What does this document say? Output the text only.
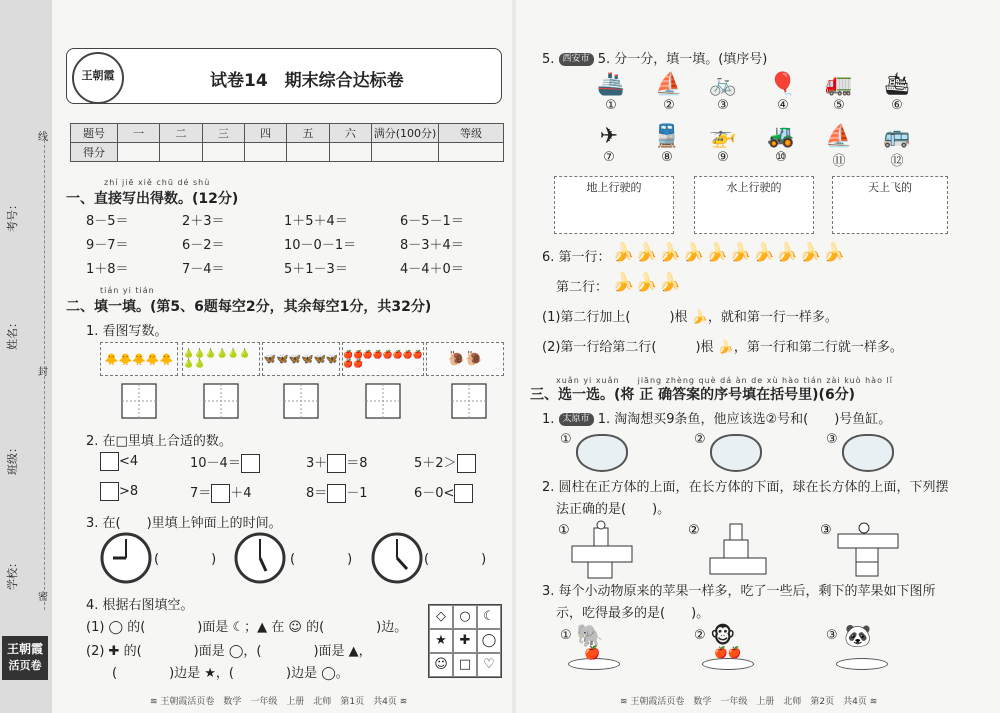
考号：
姓名：
班级：
学校：
线
封
密
王朝霞
活页卷
王朝霞	试卷14　期末综合达标卷
题号	一	二	三	四	五	六	满分(100分)	等级
得分								
zhí jiē xiě chū dé shù
一、直接写出得数。(12分)
8－5＝	2＋3＝	1＋5＋4＝	6－5－1＝
9－7＝	6－2＝	10－0－1＝	8－3＋4＝
1＋8＝	7－4＝	5＋1－3＝	4－4＋0＝
tián yi tián
二、填一填。(第5、6题每空2分，其余每空1分，共32分)
1. 看图写数。
🐥🐥🐥🐥🐥 🍐🍐🍐🍐🍐🍐🍐🍐	🦋🦋🦋🦋🦋🦋 🍎🍎🍎🍎🍎🍎🍎🍎🍎🍎	🐌🐌
2. 在□里填上合适的数。
<4	10－4＝	3＋ ＝8	5＋2＞
>8	7＝ ＋4	8＝ －1	6－0<
3. 在(　　)里填上钟面上的时间。
(　　　　)	(　　　　)	(　　　　)
4. 根据右图填空。
(1) ◯ 的(　　　　)面是 ☾；▲ 在 ☺ 的(　　　　)边。
(2) ✚ 的(　　　　)面是 ◯，(　　　　)面是 ▲，
(　　　　)边是 ★，(　　　　)边是 ◯。
◇	○ ☾
★ ✚ ◯
☺ □ ♡
≋ 王朝霞活页卷　数学　一年级　上册　北师　第1页　共4页 ≋
5. 西安市 5. 分一分，填一填。(填序号)
🚢
①
⛵
②
🚲
③
🎈
④
🚛
⑤
🛳
⑥
✈
⑦
🚆
⑧
🚁
⑨
🚜
⑩
⛵
⑪
🚌
⑫
地上行驶的	水上行驶的	天上飞的
6. 第一行： 🍌🍌🍌🍌🍌🍌🍌🍌🍌🍌
第二行： 🍌🍌🍌
(1)第二行加上(　　　)根 🍌，就和第一行一样多。
(2)第一行给第二行(　　　)根 🍌，第一行和第二行就一样多。
xuǎn yi xuǎn　　jiāng zhèng què dá àn de xù hào tián zài kuò hào lǐ
三、选一选。(将 正 确答案的序号填在括号里)(6分)
1. 太原市 1. 淘淘想买9条鱼，他应该选②号和(　　)号鱼缸。
①	②	③
2. 圆柱在正方体的上面，在长方体的下面，球在长方体的上面，下列摆
法正确的是(　　)。
①	②	③
3. 每个小动物原来的苹果一样多，吃了一些后，剩下的苹果如下图所
示，吃得最多的是(　　)。
① 🐘
🍎
② 🐵
🍎🍎
③ 🐼
≋ 王朝霞活页卷　数学　一年级　上册　北师　第2页　共4页 ≋
